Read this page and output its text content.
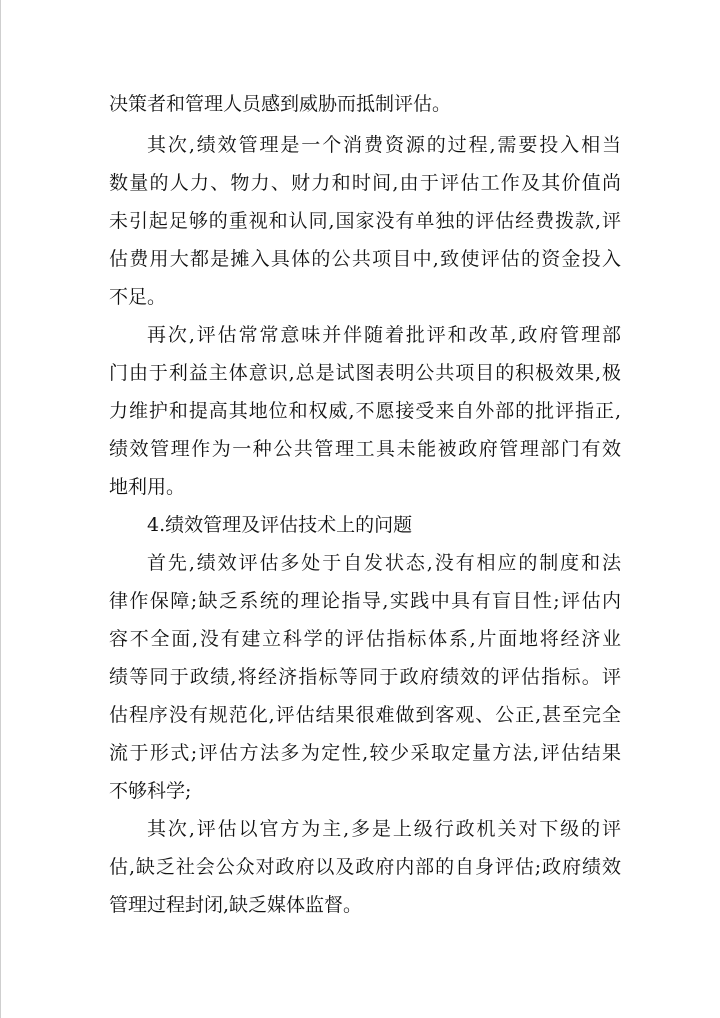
决策者和管理人员感到威胁而抵制评估。

其次,绩效管理是一个消费资源的过程,需要投入相当

数量的人力、物力、财力和时间,由于评估工作及其价值尚

未引起足够的重视和认同,国家没有单独的评估经费拨款,评

估费用大都是摊入具体的公共项目中,致使评估的资金投入

不足。

再次,评估常常意味并伴随着批评和改革,政府管理部

门由于利益主体意识,总是试图表明公共项目的积极效果,极

力维护和提高其地位和权威,不愿接受来自外部的批评指正,

绩效管理作为一种公共管理工具未能被政府管理部门有效

地利用。

4.绩效管理及评估技术上的问题

首先,绩效评估多处于自发状态,没有相应的制度和法

律作保障;缺乏系统的理论指导,实践中具有盲目性;评估内

容不全面,没有建立科学的评估指标体系,片面地将经济业

绩等同于政绩,将经济指标等同于政府绩效的评估指标。评

估程序没有规范化,评估结果很难做到客观、公正,甚至完全

流于形式;评估方法多为定性,较少采取定量方法,评估结果

不够科学;

其次,评估以官方为主,多是上级行政机关对下级的评

估,缺乏社会公众对政府以及政府内部的自身评估;政府绩效

管理过程封闭,缺乏媒体监督。
